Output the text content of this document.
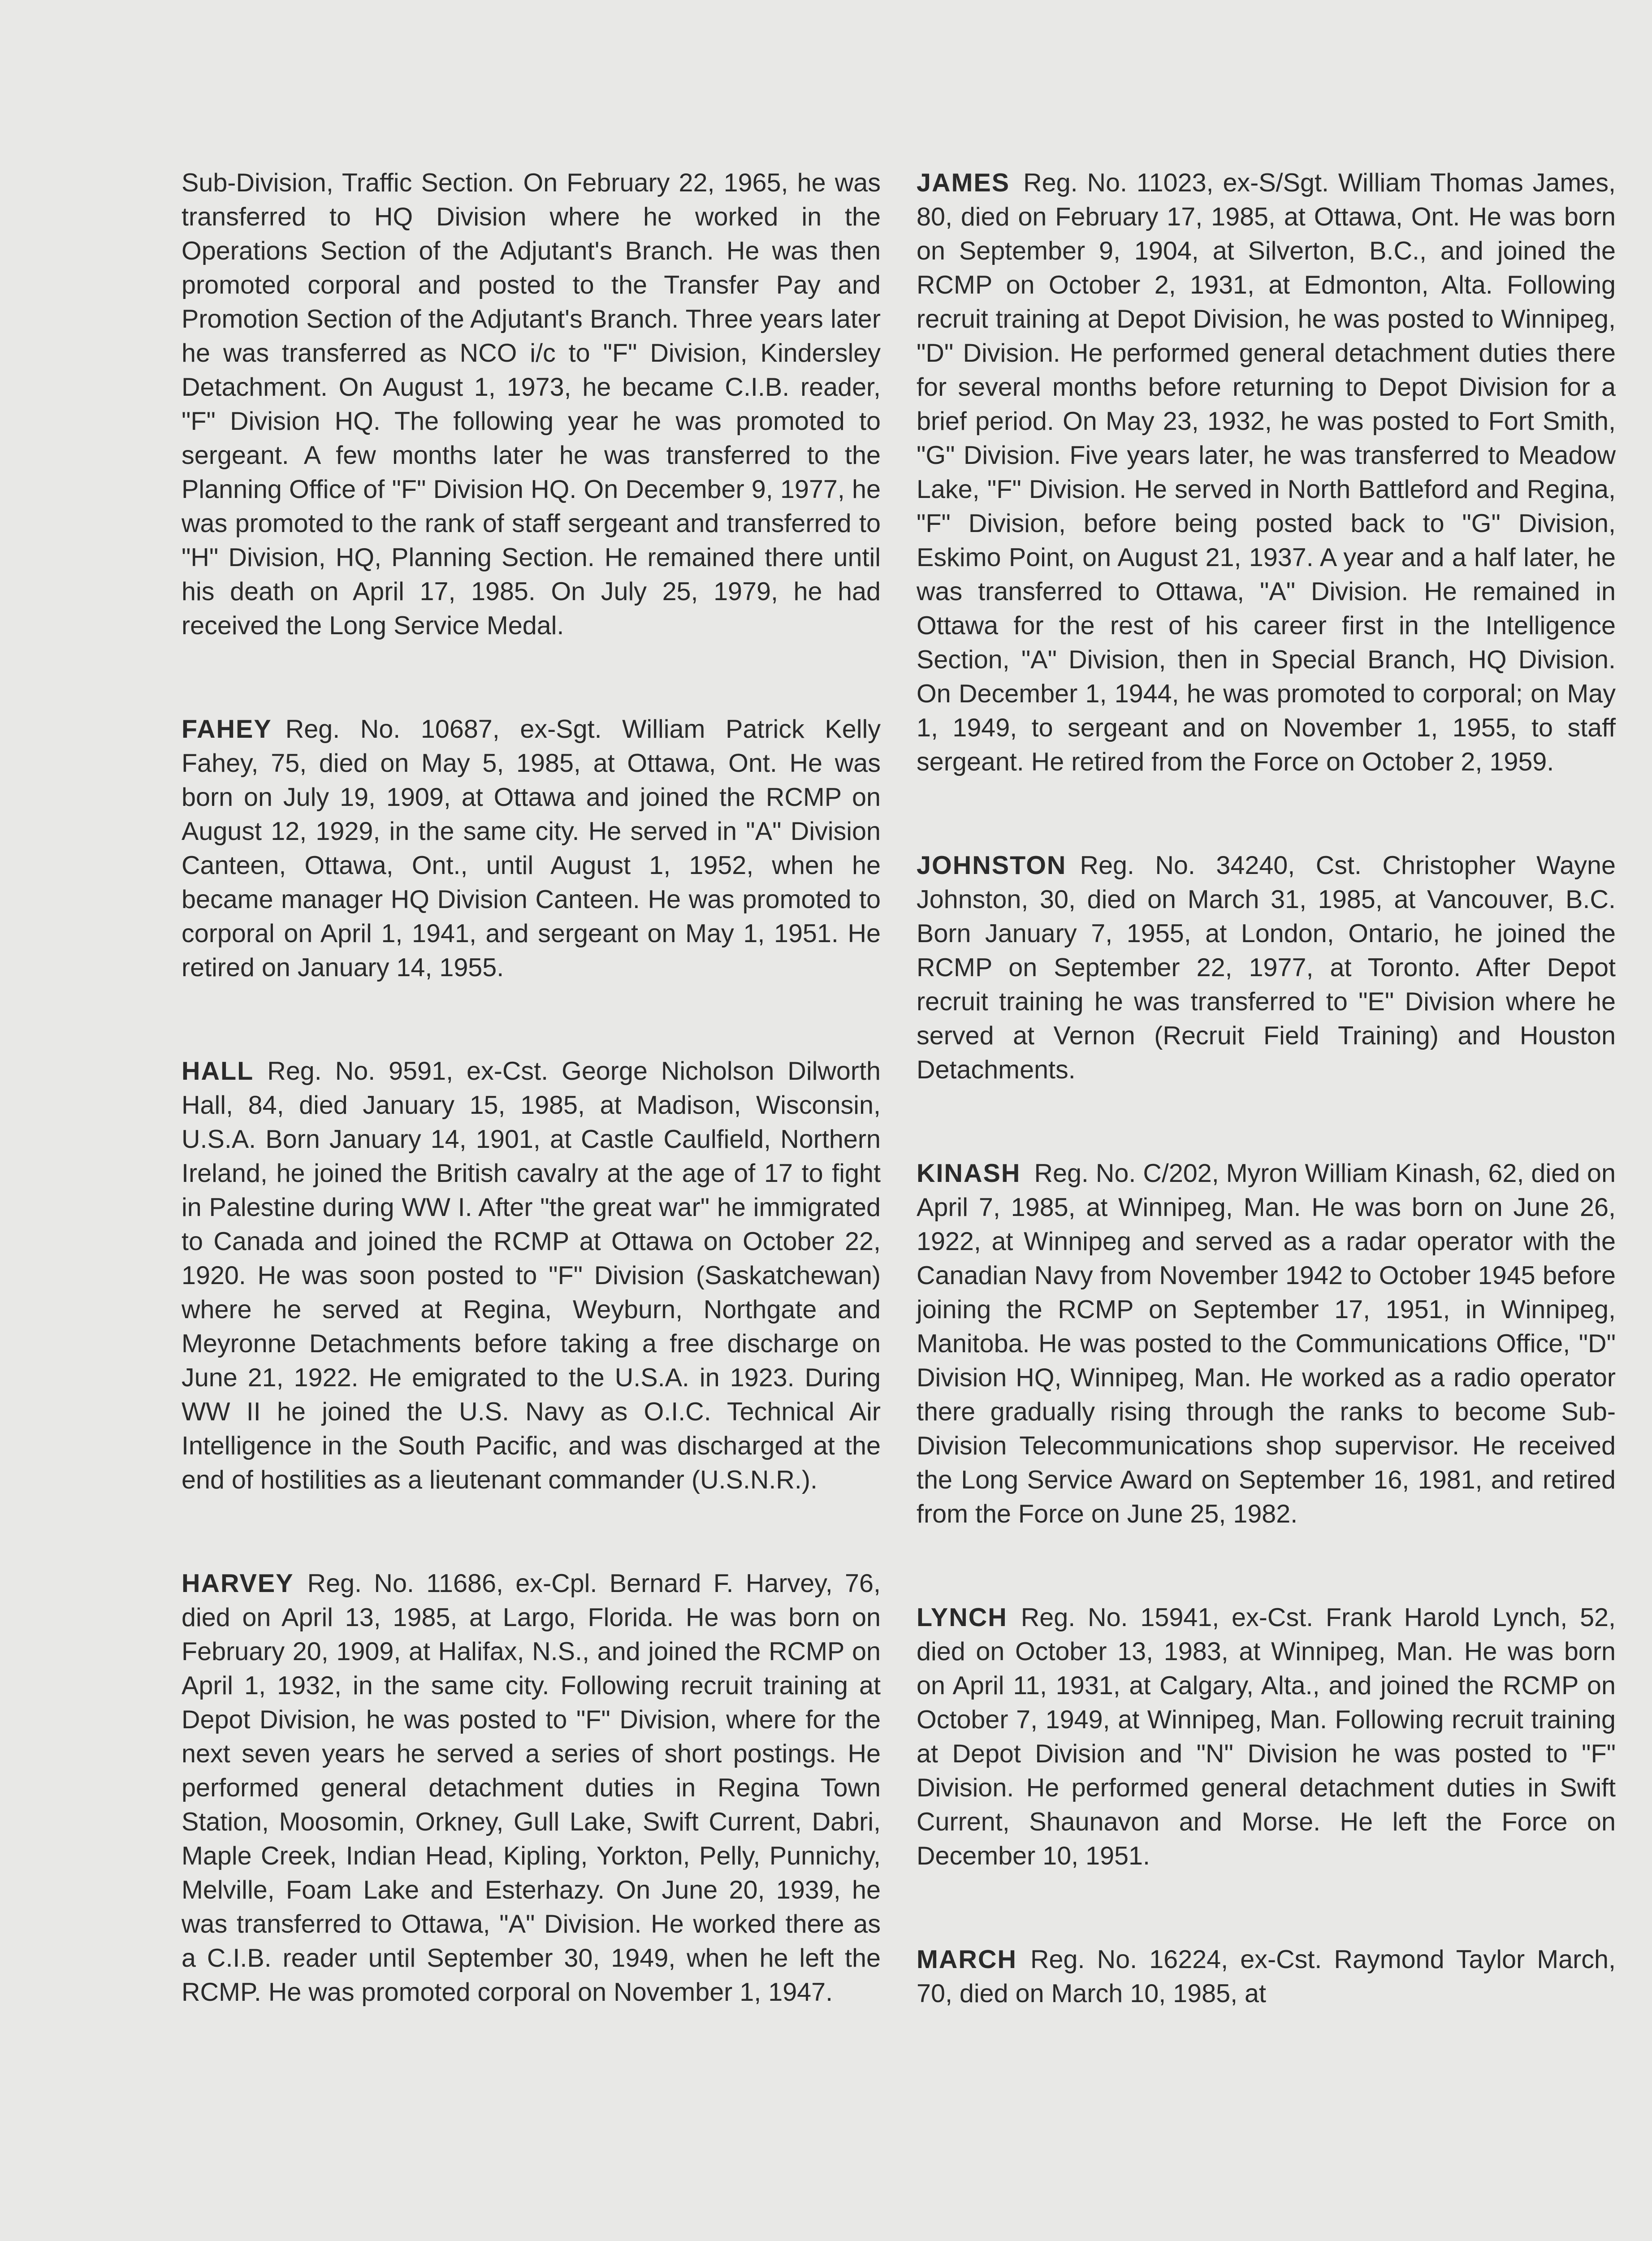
Sub-Division, Traffic Section. On February 22, 1965, he was transferred to HQ Division where he worked in the Operations Section of the Adjutant's Branch. He was then promoted corporal and posted to the Transfer Pay and Promotion Section of the Adjutant's Branch. Three years later he was transferred as NCO i/c to "F" Division, Kindersley Detachment. On August 1, 1973, he became C.I.B. reader, "F" Division HQ. The following year he was promoted to sergeant. A few months later he was transferred to the Planning Office of "F" Division HQ. On December 9, 1977, he was promoted to the rank of staff sergeant and transferred to "H" Division, HQ, Planning Section. He remained there until his death on April 17, 1985. On July 25, 1979, he had received the Long Service Medal.

FAHEY Reg. No. 10687, ex-Sgt. William Patrick Kelly Fahey, 75, died on May 5, 1985, at Ottawa, Ont. He was born on July 19, 1909, at Ottawa and joined the RCMP on August 12, 1929, in the same city. He served in "A" Division Canteen, Ottawa, Ont., until August 1, 1952, when he became manager HQ Division Canteen. He was promoted to corporal on April 1, 1941, and sergeant on May 1, 1951. He retired on January 14, 1955.

HALL Reg. No. 9591, ex-Cst. George Nicholson Dilworth Hall, 84, died January 15, 1985, at Madison, Wisconsin, U.S.A. Born January 14, 1901, at Castle Caulfield, Northern Ireland, he joined the British cavalry at the age of 17 to fight in Palestine during WW I. After "the great war" he immigrated to Canada and joined the RCMP at Ottawa on October 22, 1920. He was soon posted to "F" Division (Saskatchewan) where he served at Regina, Weyburn, Northgate and Meyronne Detachments before taking a free discharge on June 21, 1922. He emigrated to the U.S.A. in 1923. During WW II he joined the U.S. Navy as O.I.C. Technical Air Intelligence in the South Pacific, and was discharged at the end of hostilities as a lieutenant commander (U.S.N.R.).

HARVEY Reg. No. 11686, ex-Cpl. Bernard F. Harvey, 76, died on April 13, 1985, at Largo, Florida. He was born on February 20, 1909, at Halifax, N.S., and joined the RCMP on April 1, 1932, in the same city. Following recruit training at Depot Division, he was posted to "F" Division, where for the next seven years he served a series of short postings. He performed general detachment duties in Regina Town Station, Moosomin, Orkney, Gull Lake, Swift Current, Dabri, Maple Creek, Indian Head, Kipling, Yorkton, Pelly, Punnichy, Melville, Foam Lake and Esterhazy. On June 20, 1939, he was transferred to Ottawa, "A" Division. He worked there as a C.I.B. reader until September 30, 1949, when he left the RCMP. He was promoted corporal on November 1, 1947.

JAMES Reg. No. 11023, ex-S/Sgt. William Thomas James, 80, died on February 17, 1985, at Ottawa, Ont. He was born on September 9, 1904, at Silverton, B.C., and joined the RCMP on October 2, 1931, at Edmonton, Alta. Following recruit training at Depot Division, he was posted to Winnipeg, "D" Division. He performed general detachment duties there for several months before returning to Depot Division for a brief period. On May 23, 1932, he was posted to Fort Smith, "G" Division. Five years later, he was transferred to Meadow Lake, "F" Division. He served in North Battleford and Regina, "F" Division, before being posted back to "G" Division, Eskimo Point, on August 21, 1937. A year and a half later, he was transferred to Ottawa, "A" Division. He remained in Ottawa for the rest of his career first in the Intelligence Section, "A" Division, then in Special Branch, HQ Division. On December 1, 1944, he was promoted to corporal; on May 1, 1949, to sergeant and on November 1, 1955, to staff sergeant. He retired from the Force on October 2, 1959.

JOHNSTON Reg. No. 34240, Cst. Christopher Wayne Johnston, 30, died on March 31, 1985, at Vancouver, B.C. Born January 7, 1955, at London, Ontario, he joined the RCMP on September 22, 1977, at Toronto. After Depot recruit training he was transferred to "E" Division where he served at Vernon (Recruit Field Training) and Houston Detachments.

KINASH Reg. No. C/202, Myron William Kinash, 62, died on April 7, 1985, at Winnipeg, Man. He was born on June 26, 1922, at Winnipeg and served as a radar operator with the Canadian Navy from November 1942 to October 1945 before joining the RCMP on September 17, 1951, in Winnipeg, Manitoba. He was posted to the Communications Office, "D" Division HQ, Winnipeg, Man. He worked as a radio operator there gradually rising through the ranks to become Sub-Division Telecommunications shop supervisor. He received the Long Service Award on September 16, 1981, and retired from the Force on June 25, 1982.

LYNCH Reg. No. 15941, ex-Cst. Frank Harold Lynch, 52, died on October 13, 1983, at Winnipeg, Man. He was born on April 11, 1931, at Calgary, Alta., and joined the RCMP on October 7, 1949, at Winnipeg, Man. Following recruit training at Depot Division and "N" Division he was posted to "F" Division. He performed general detachment duties in Swift Current, Shaunavon and Morse. He left the Force on December 10, 1951.

MARCH Reg. No. 16224, ex-Cst. Raymond Taylor March, 70, died on March 10, 1985, at
